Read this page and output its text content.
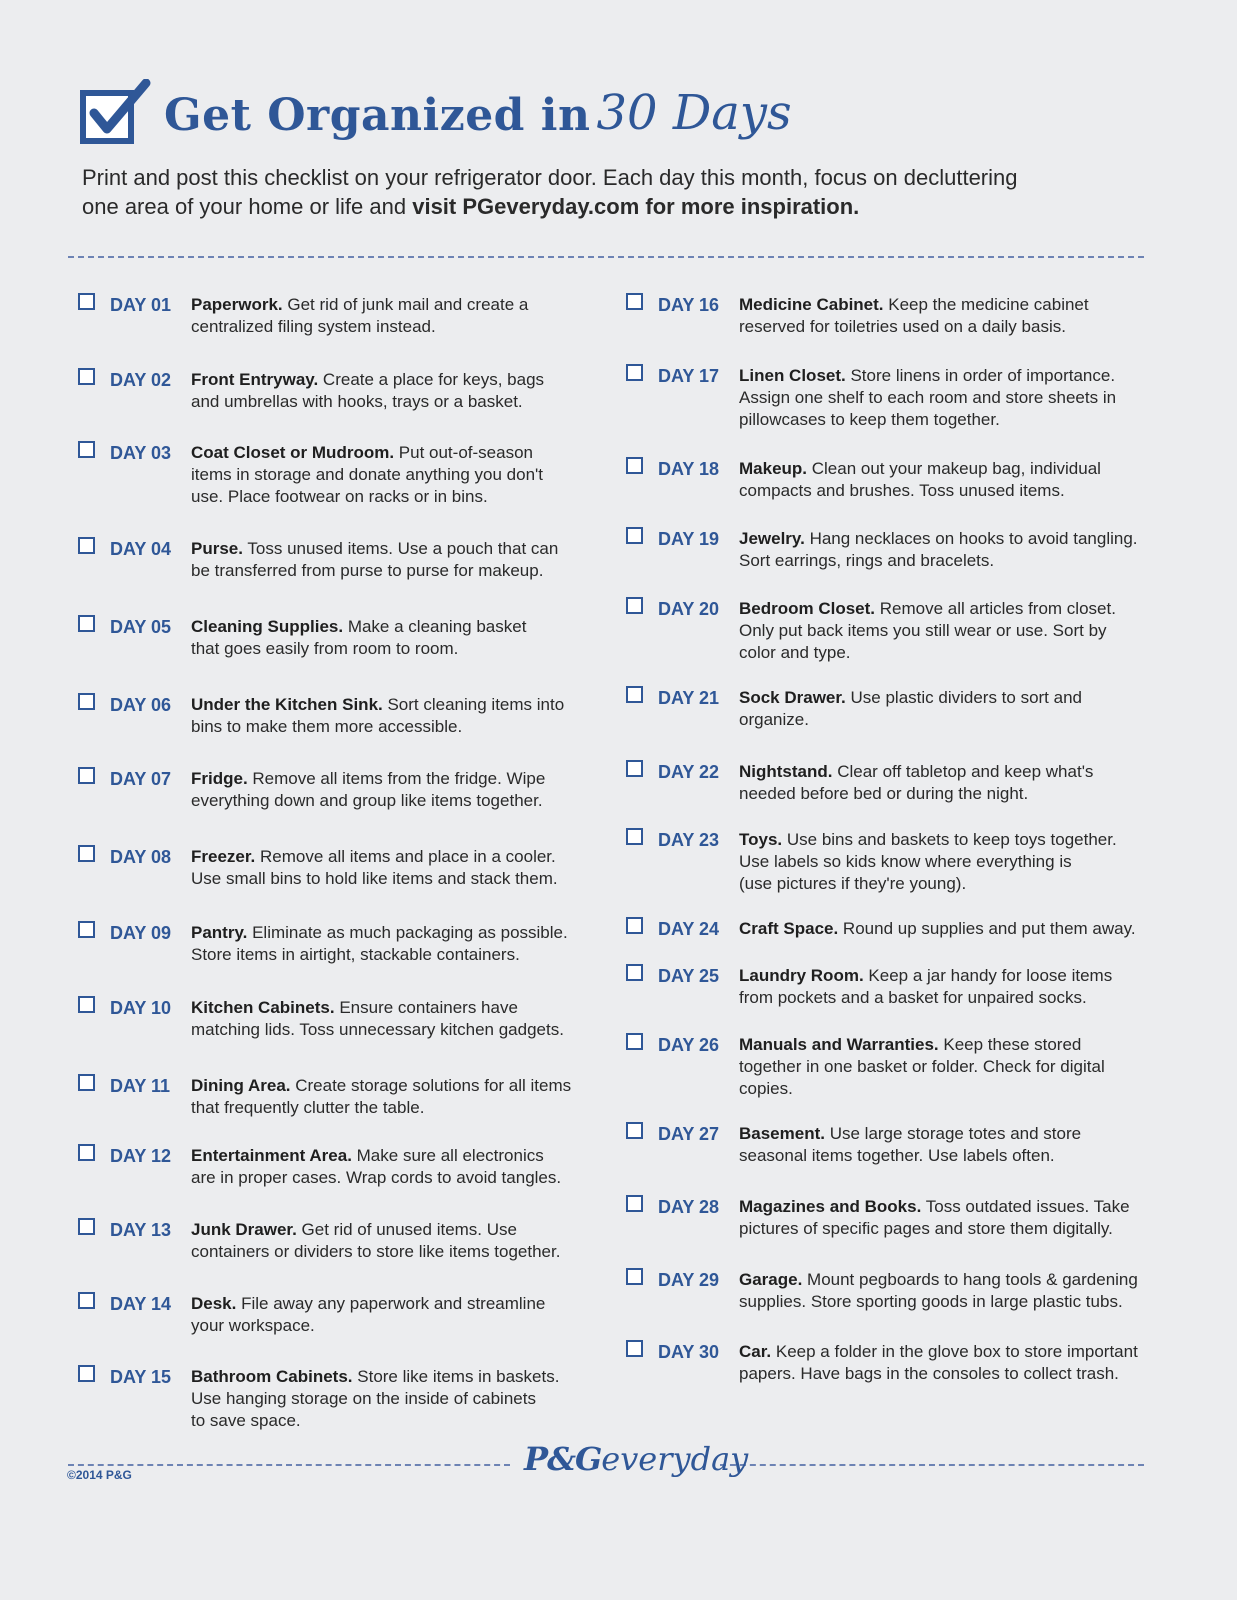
Get Organized in 30 Days
Print and post this checklist on your refrigerator door. Each day this month, focus on decluttering
one area of your home or life and visit PGeveryday.com for more inspiration.
DAY 01	Paperwork. Get rid of junk mail and create a
centralized filing system instead.
DAY 02	Front Entryway. Create a place for keys, bags
and umbrellas with hooks, trays or a basket.
DAY 03	Coat Closet or Mudroom. Put out-of-season
items in storage and donate anything you don't
use. Place footwear on racks or in bins.
DAY 04	Purse. Toss unused items. Use a pouch that can
be transferred from purse to purse for makeup.
DAY 05	Cleaning Supplies. Make a cleaning basket
that goes easily from room to room.
DAY 06	Under the Kitchen Sink. Sort cleaning items into
bins to make them more accessible.
DAY 07	Fridge. Remove all items from the fridge. Wipe
everything down and group like items together.
DAY 08	Freezer. Remove all items and place in a cooler.
Use small bins to hold like items and stack them.
DAY 09	Pantry. Eliminate as much packaging as possible.
Store items in airtight, stackable containers.
DAY 10	Kitchen Cabinets. Ensure containers have
matching lids. Toss unnecessary kitchen gadgets.
DAY 11	Dining Area. Create storage solutions for all items
that frequently clutter the table.
DAY 12	Entertainment Area. Make sure all electronics
are in proper cases. Wrap cords to avoid tangles.
DAY 13	Junk Drawer. Get rid of unused items. Use
containers or dividers to store like items together.
DAY 14	Desk. File away any paperwork and streamline
your workspace.
DAY 15	Bathroom Cabinets. Store like items in baskets.
Use hanging storage on the inside of cabinets
to save space.
DAY 16	Medicine Cabinet. Keep the medicine cabinet
reserved for toiletries used on a daily basis.
DAY 17	Linen Closet. Store linens in order of importance.
Assign one shelf to each room and store sheets in
pillowcases to keep them together.
DAY 18	Makeup. Clean out your makeup bag, individual
compacts and brushes. Toss unused items.
DAY 19	Jewelry. Hang necklaces on hooks to avoid tangling.
Sort earrings, rings and bracelets.
DAY 20	Bedroom Closet. Remove all articles from closet.
Only put back items you still wear or use. Sort by
color and type.
DAY 21	Sock Drawer. Use plastic dividers to sort and
organize.
DAY 22	Nightstand. Clear off tabletop and keep what's
needed before bed or during the night.
DAY 23	Toys. Use bins and baskets to keep toys together.
Use labels so kids know where everything is
(use pictures if they're young).
DAY 24	Craft Space. Round up supplies and put them away.
DAY 25	Laundry Room. Keep a jar handy for loose items
from pockets and a basket for unpaired socks.
DAY 26	Manuals and Warranties. Keep these stored
together in one basket or folder. Check for digital
copies.
DAY 27	Basement. Use large storage totes and store
seasonal items together. Use labels often.
DAY 28	Magazines and Books. Toss outdated issues. Take
pictures of specific pages and store them digitally.
DAY 29	Garage. Mount pegboards to hang tools & gardening
supplies. Store sporting goods in large plastic tubs.
DAY 30	Car. Keep a folder in the glove box to store important
papers. Have bags in the consoles to collect trash.
©2014 P&G	P&Geveryday
